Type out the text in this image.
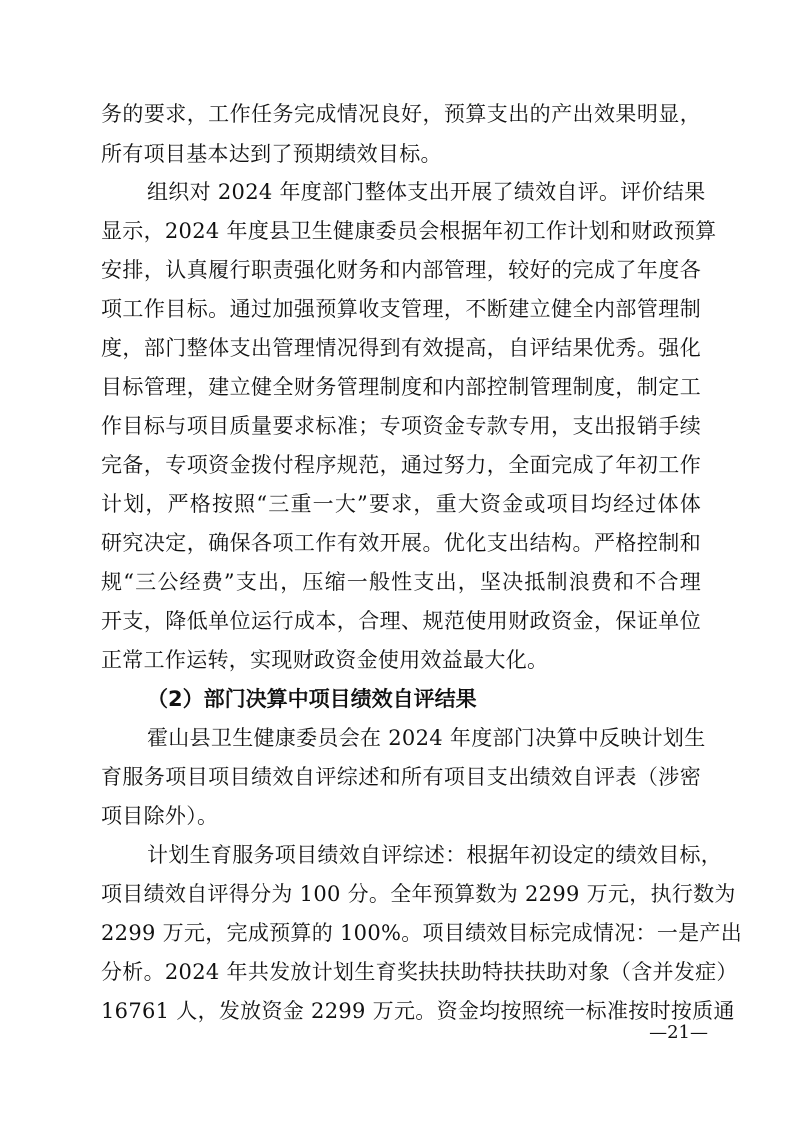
务的要求，工作任务完成情况良好，预算支出的产出效果明显，
所有项目基本达到了预期绩效目标。
组织对 2024 年度部门整体支出开展了绩效自评。评价结果
显示，2024 年度县卫生健康委员会根据年初工作计划和财政预算
安排，认真履行职责强化财务和内部管理，较好的完成了年度各
项工作目标。通过加强预算收支管理，不断建立健全内部管理制
度，部门整体支出管理情况得到有效提高，自评结果优秀。强化
目标管理，建立健全财务管理制度和内部控制管理制度，制定工
作目标与项目质量要求标准；专项资金专款专用，支出报销手续
完备，专项资金拨付程序规范，通过努力，全面完成了年初工作
计划，严格按照“三重一大”要求，重大资金或项目均经过体体
研究决定，确保各项工作有效开展。优化支出结构。严格控制和
规“三公经费”支出，压缩一般性支出，坚决抵制浪费和不合理
开支，降低单位运行成本，合理、规范使用财政资金，保证单位
正常工作运转，实现财政资金使用效益最大化。
（2）部门决算中项目绩效自评结果
霍山县卫生健康委员会在 2024 年度部门决算中反映计划生
育服务项目项目绩效自评综述和所有项目支出绩效自评表（涉密
项目除外）。
计划生育服务项目绩效自评综述：根据年初设定的绩效目标，
项目绩效自评得分为 100 分。全年预算数为 2299 万元，执行数为
2299 万元，完成预算的 100%。项目绩效目标完成情况：一是产出
分析。2024 年共发放计划生育奖扶扶助特扶扶助对象（含并发症）
16761 人，发放资金 2299 万元。资金均按照统一标准按时按质通
—21—
